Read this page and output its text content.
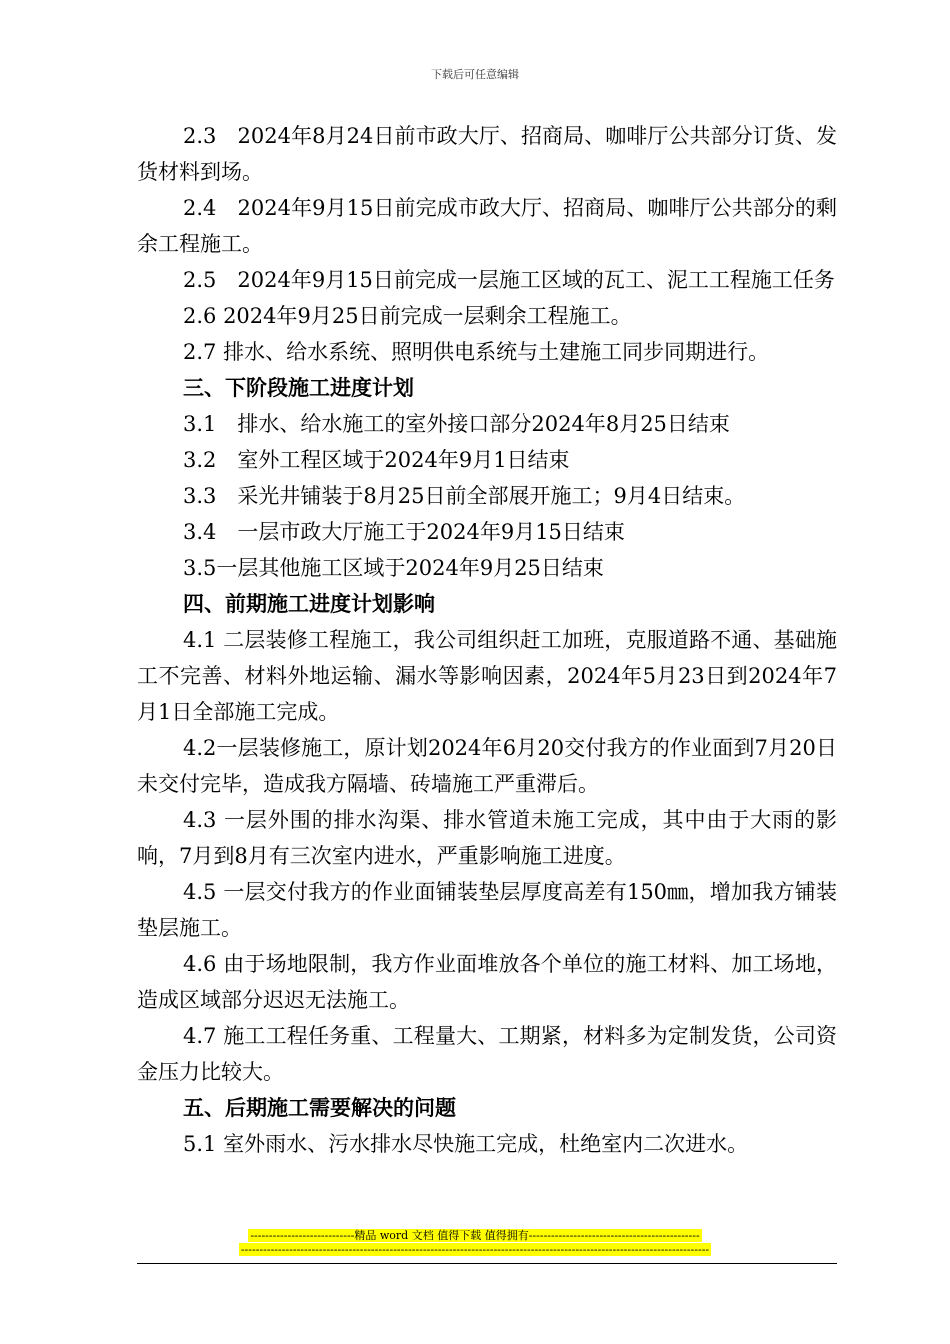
下载后可任意编辑

2.3　2024年8月24日前市政大厅、招商局、咖啡厅公共部分订货、发货材料到场。

2.4　2024年9月15日前完成市政大厅、招商局、咖啡厅公共部分的剩余工程施工。

2.5　2024年9月15日前完成一层施工区域的瓦工、泥工工程施工任务

2.6 2024年9月25日前完成一层剩余工程施工。

2.7 排水、给水系统、照明供电系统与土建施工同步同期进行。

三、下阶段施工进度计划

3.1　排水、给水施工的室外接口部分2024年8月25日结束

3.2　室外工程区域于2024年9月1日结束

3.3　采光井铺装于8月25日前全部展开施工；9月4日结束。

3.4　一层市政大厅施工于2024年9月15日结束

3.5一层其他施工区域于2024年9月25日结束

四、前期施工进度计划影响

4.1 二层装修工程施工，我公司组织赶工加班，克服道路不通、基础施工不完善、材料外地运输、漏水等影响因素，2024年5月23日到2024年7月1日全部施工完成。

4.2一层装修施工，原计划2024年6月20交付我方的作业面到7月20日未交付完毕，造成我方隔墙、砖墙施工严重滞后。

4.3 一层外围的排水沟渠、排水管道未施工完成，其中由于大雨的影响，7月到8月有三次室内进水，严重影响施工进度。

4.5 一层交付我方的作业面铺装垫层厚度高差有150㎜，增加我方铺装垫层施工。

4.6 由于场地限制，我方作业面堆放各个单位的施工材料、加工场地，造成区域部分迟迟无法施工。

4.7 施工工程任务重、工程量大、工期紧，材料多为定制发货，公司资金压力比较大。

五、后期施工需要解决的问题

5.1 室外雨水、污水排水尽快施工完成，杜绝室内二次进水。

----------------------------精品 word 文档 值得下载 值得拥有----------------------------------------------
------------------------------------------------------------------------------------------------------------------------------
